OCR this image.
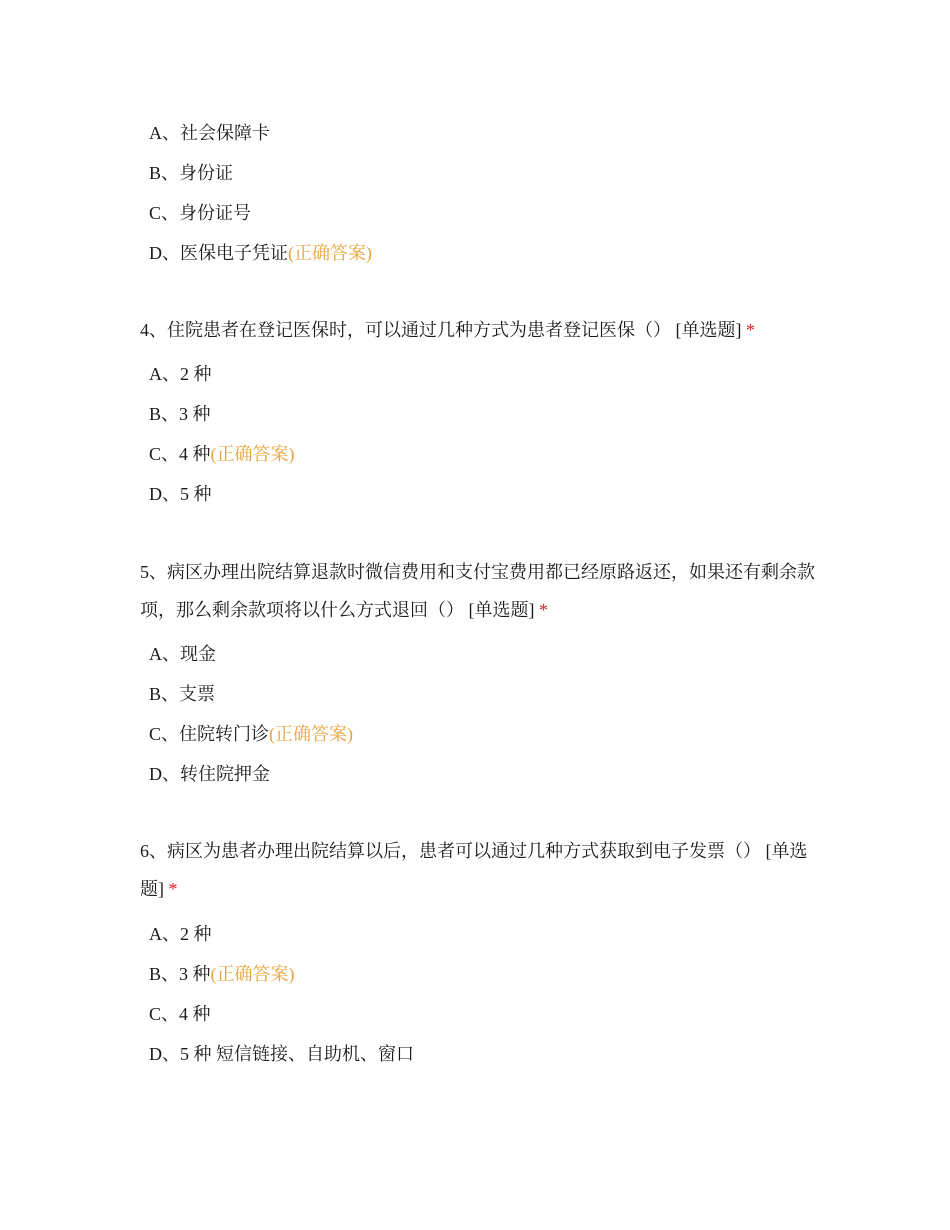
A、社会保障卡
B、身份证
C、身份证号
D、医保电子凭证(正确答案)
4、住院患者在登记医保时，可以通过几种方式为患者登记医保（） [单选题] *
A、2 种
B、3 种
C、4 种(正确答案)
D、5 种
5、病区办理出院结算退款时微信费用和支付宝费用都已经原路返还，如果还有剩余款项，那么剩余款项将以什么方式退回（） [单选题] *
A、现金
B、支票
C、住院转门诊(正确答案)
D、转住院押金
6、病区为患者办理出院结算以后，患者可以通过几种方式获取到电子发票（） [单选题] *
A、2 种
B、3 种(正确答案)
C、4 种
D、5 种 短信链接、自助机、窗口
